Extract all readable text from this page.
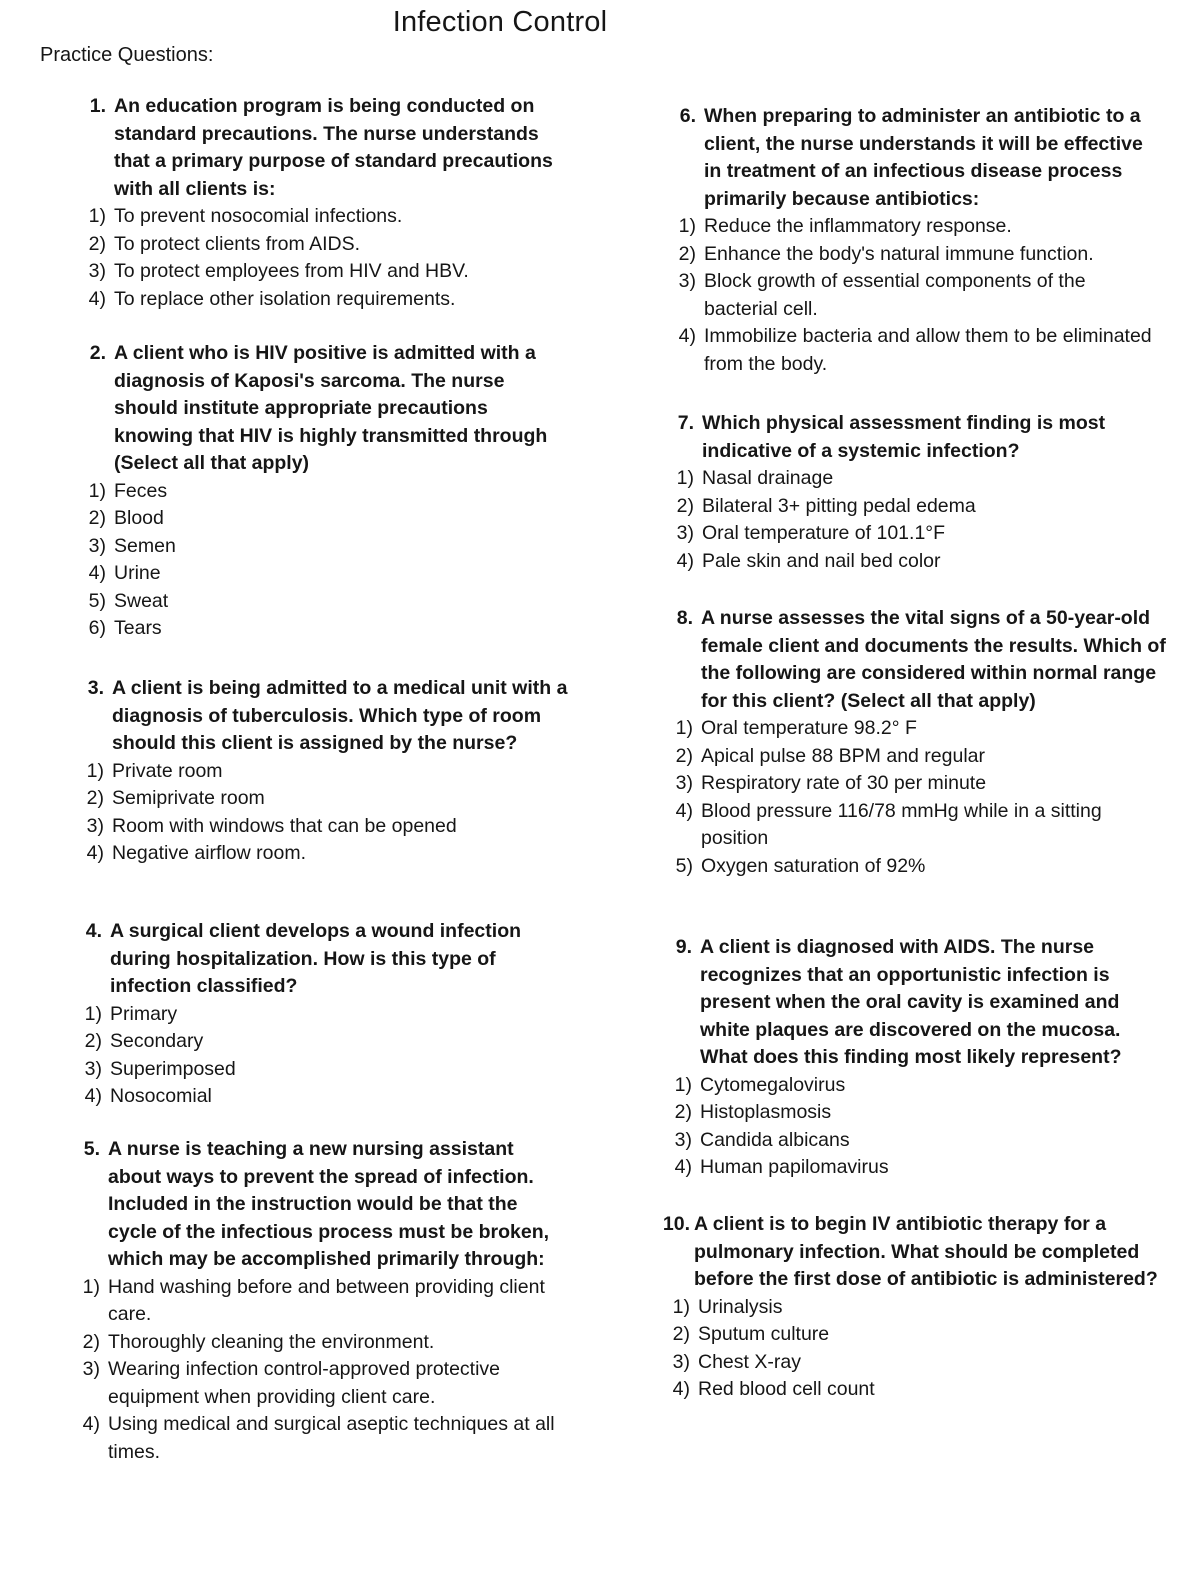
Infection Control
Practice Questions:
1. An education program is being conducted on standard precautions. The nurse understands that a primary purpose of standard precautions with all clients is:
1) To prevent nosocomial infections.
2) To protect clients from AIDS.
3) To protect employees from HIV and HBV.
4) To replace other isolation requirements.
2. A client who is HIV positive is admitted with a diagnosis of Kaposi's sarcoma. The nurse should institute appropriate precautions knowing that HIV is highly transmitted through (Select all that apply)
1) Feces
2) Blood
3) Semen
4) Urine
5) Sweat
6) Tears
3. A client is being admitted to a medical unit with a diagnosis of tuberculosis. Which type of room should this client is assigned by the nurse?
1) Private room
2) Semiprivate room
3) Room with windows that can be opened
4) Negative airflow room.
4. A surgical client develops a wound infection during hospitalization. How is this type of infection classified?
1) Primary
2) Secondary
3) Superimposed
4) Nosocomial
5. A nurse is teaching a new nursing assistant about ways to prevent the spread of infection. Included in the instruction would be that the cycle of the infectious process must be broken, which may be accomplished primarily through:
1) Hand washing before and between providing client care.
2) Thoroughly cleaning the environment.
3) Wearing infection control-approved protective equipment when providing client care.
4) Using medical and surgical aseptic techniques at all times.
6. When preparing to administer an antibiotic to a client, the nurse understands it will be effective in treatment of an infectious disease process primarily because antibiotics:
1) Reduce the inflammatory response.
2) Enhance the body's natural immune function.
3) Block growth of essential components of the bacterial cell.
4) Immobilize bacteria and allow them to be eliminated from the body.
7. Which physical assessment finding is most indicative of a systemic infection?
1) Nasal drainage
2) Bilateral 3+ pitting pedal edema
3) Oral temperature of 101.1°F
4) Pale skin and nail bed color
8. A nurse assesses the vital signs of a 50-year-old female client and documents the results. Which of the following are considered within normal range for this client? (Select all that apply)
1) Oral temperature 98.2° F
2) Apical pulse 88 BPM and regular
3) Respiratory rate of 30 per minute
4) Blood pressure 116/78 mmHg while in a sitting position
5) Oxygen saturation of 92%
9. A client is diagnosed with AIDS. The nurse recognizes that an opportunistic infection is present when the oral cavity is examined and white plaques are discovered on the mucosa. What does this finding most likely represent?
1) Cytomegalovirus
2) Histoplasmosis
3) Candida albicans
4) Human papilomavirus
10. A client is to begin IV antibiotic therapy for a pulmonary infection. What should be completed before the first dose of antibiotic is administered?
1) Urinalysis
2) Sputum culture
3) Chest X-ray
4) Red blood cell count
